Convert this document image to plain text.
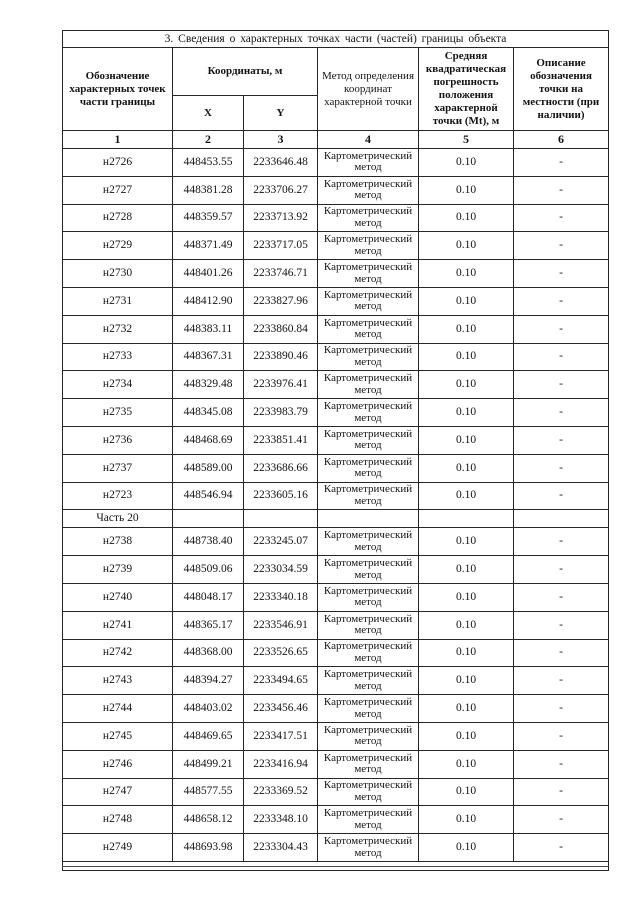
3. Сведения о характерных точках части (частей) границы объекта					
Обозначение характерных точек части границы	Координаты, м		Метод определения координат характерной точки	Средняя квадратическая погрешность положения характерной точки (Mt), м	Описание обозначения точки на местности (при наличии)
	X	Y			
1	2	3	4	5	6
н2726	448453.55	2233646.48	Картометрический метод	0.10	-
н2727	448381.28	2233706.27	Картометрический метод	0.10	-
н2728	448359.57	2233713.92	Картометрический метод	0.10	-
н2729	448371.49	2233717.05	Картометрический метод	0.10	-
н2730	448401.26	2233746.71	Картометрический метод	0.10	-
н2731	448412.90	2233827.96	Картометрический метод	0.10	-
н2732	448383.11	2233860.84	Картометрический метод	0.10	-
н2733	448367.31	2233890.46	Картометрический метод	0.10	-
н2734	448329.48	2233976.41	Картометрический метод	0.10	-
н2735	448345.08	2233983.79	Картометрический метод	0.10	-
н2736	448468.69	2233851.41	Картометрический метод	0.10	-
н2737	448589.00	2233686.66	Картометрический метод	0.10	-
н2723	448546.94	2233605.16	Картометрический метод	0.10	-
Часть 20					
н2738	448738.40	2233245.07	Картометрический метод	0.10	-
н2739	448509.06	2233034.59	Картометрический метод	0.10	-
н2740	448048.17	2233340.18	Картометрический метод	0.10	-
н2741	448365.17	2233546.91	Картометрический метод	0.10	-
н2742	448368.00	2233526.65	Картометрический метод	0.10	-
н2743	448394.27	2233494.65	Картометрический метод	0.10	-
н2744	448403.02	2233456.46	Картометрический метод	0.10	-
н2745	448469.65	2233417.51	Картометрический метод	0.10	-
н2746	448499.21	2233416.94	Картометрический метод	0.10	-
н2747	448577.55	2233369.52	Картометрический метод	0.10	-
н2748	448658.12	2233348.10	Картометрический метод	0.10	-
н2749	448693.98	2233304.43	Картометрический метод	0.10	-
